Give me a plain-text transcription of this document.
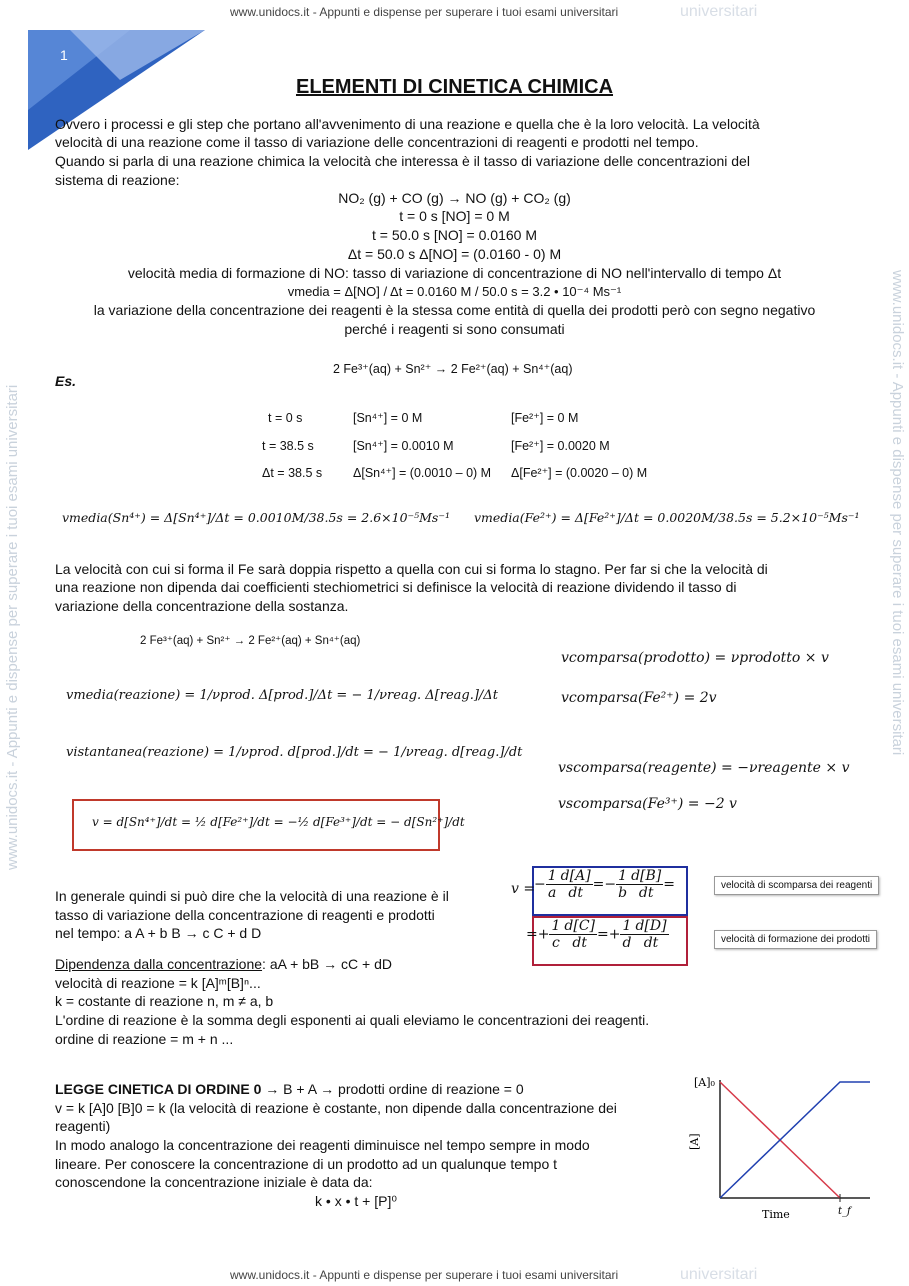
1
www.unidocs.it - Appunti e dispense per superare i tuoi esami universitari	universitari
www.unidocs.it - Appunti e dispense per superare i tuoi esami universitari	universitari
www.unidocs.it - Appunti e dispense per superare i tuoi esami universitari	www.unidocs.it - Appunti e dispense per superare i tuoi esami universitari
ELEMENTI DI CINETICA CHIMICA
Ovvero i processi e gli step che portano all'avvenimento di una reazione e quella che è la loro velocità. La velocità
velocità di una reazione come il tasso di variazione delle concentrazioni di reagenti e prodotti nel tempo.
Quando si parla di una reazione chimica la velocità che interessa è il tasso di variazione delle concentrazioni del
sistema di reazione:
NO₂ (g) + CO (g) → NO (g) + CO₂ (g)
t = 0 s [NO] = 0 M
t = 50.0 s [NO] = 0.0160 M
Δt = 50.0 s Δ[NO] = (0.0160 - 0) M
velocità media di formazione di NO: tasso di variazione di concentrazione di NO nell'intervallo di tempo Δt
vmedia = Δ[NO] / Δt = 0.0160 M / 50.0 s = 3.2 • 10⁻⁴ Ms⁻¹
la variazione della concentrazione dei reagenti è la stessa come entità di quella dei prodotti però con segno negativo
perché i reagenti si sono consumati
Es.
2 Fe³⁺(aq) + Sn²⁺ → 2 Fe²⁺(aq) + Sn⁴⁺(aq)
t = 0 s	[Sn⁴⁺] = 0 M	[Fe²⁺] = 0 M
t = 38.5 s	[Sn⁴⁺] = 0.0010 M	[Fe²⁺] = 0.0020 M
Δt = 38.5 s Δ[Sn⁴⁺] = (0.0010 – 0) M Δ[Fe²⁺] = (0.0020 – 0) M
vmedia(Sn⁴⁺) = Δ[Sn⁴⁺]/Δt = 0.0010M/38.5s = 2.6×10⁻⁵Ms⁻¹ vmedia(Fe²⁺) = Δ[Fe²⁺]/Δt = 0.0020M/38.5s = 5.2×10⁻⁵Ms⁻¹
La velocità con cui si forma il Fe sarà doppia rispetto a quella con cui si forma lo stagno. Per far si che la velocità di
una reazione non dipenda dai coefficienti stechiometrici si definisce la velocità di reazione dividendo il tasso di
variazione della concentrazione della sostanza.
2 Fe³⁺(aq) + Sn²⁺ → 2 Fe²⁺(aq) + Sn⁴⁺(aq)
vmedia(reazione) = 1/νprod. Δ[prod.]/Δt = − 1/νreag. Δ[reag.]/Δt
vistantanea(reazione) = 1/νprod. d[prod.]/dt = − 1/νreag. d[reag.]/dt
v = d[Sn⁴⁺]/dt = ½ d[Fe²⁺]/dt = −½ d[Fe³⁺]/dt = − d[Sn²⁺]/dt
vcomparsa(prodotto) = νprodotto × v
vcomparsa(Fe²⁺) = 2v
vscomparsa(reagente) = −νreagente × v
vscomparsa(Fe³⁺) = −2 v
In generale quindi si può dire che la velocità di una reazione è il
tasso di variazione della concentrazione di reagenti e prodotti
nel tempo: a A + b B → c C + d D
v =
− $\frac{1}{a} \frac{d[A]}{dt} =- \frac{1}{b} \frac{d[B]}{dt}$ =
=+ $\frac{1}{c} \frac{d[C]}{dt} =+ \frac{1}{d} \frac{d[D]}{dt}$
velocità di scomparsa dei reagenti
velocità di formazione dei prodotti
Dipendenza dalla concentrazione: aA + bB → cC + dD
velocità di reazione = k [A]ᵐ[B]ⁿ...
k = costante di reazione n, m ≠ a, b
L'ordine di reazione è la somma degli esponenti ai quali eleviamo le concentrazioni dei reagenti.
ordine di reazione = m + n ...
LEGGE CINETICA DI ORDINE 0 → B + A → prodotti ordine di reazione = 0
v = k [A]0 [B]0 = k (la velocità di reazione è costante, non dipende dalla concentrazione dei
reagenti)
In modo analogo la concentrazione dei reagenti diminuisce nel tempo sempre in modo
lineare. Per conoscere la concentrazione di un prodotto ad un qualunque tempo t
conoscendone la concentrazione iniziale è data da:
k • x • t + [P]⁰
[A]
[A]₀
Time	t_f
